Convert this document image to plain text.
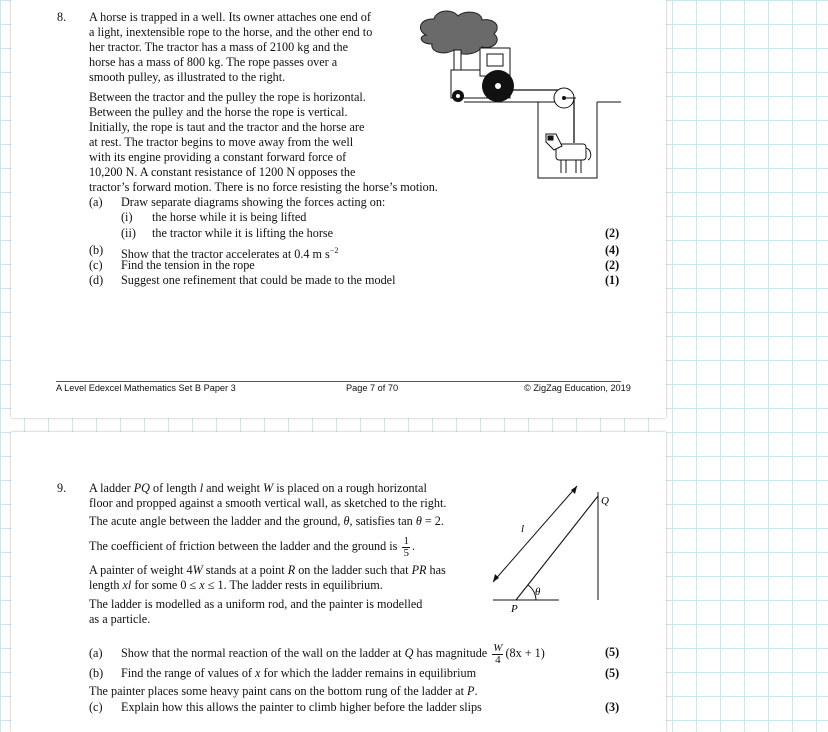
8. A horse is trapped in a well. Its owner attaches one end of
a light, inextensible rope to the horse, and the other end to
her tractor. The tractor has a mass of 2100 kg and the
horse has a mass of 800 kg. The rope passes over a
smooth pulley, as illustrated to the right.
Between the tractor and the pulley the rope is horizontal.
Between the pulley and the horse the rope is vertical.
Initially, the rope is taut and the tractor and the horse are
at rest. The tractor begins to move away from the well
with its engine providing a constant forward force of
10,200 N. A constant resistance of 1200 N opposes the
tractor’s forward motion. There is no force resisting the horse’s motion.
(a) Draw separate diagrams showing the forces acting on:
(i) the horse while it is being lifted
(ii) the tractor while it is lifting the horse	(2)
(b) Show that the tractor accelerates at 0.4 m $s^{-2}$	(4)
(c) Find the tension in the rope	(2)
(d) Suggest one refinement that could be made to the model	(1)
A Level Edexcel Mathematics Set B Paper 3	Page 7 of 70	© ZigZag Education, 2019
9. A ladder PQ of length l and weight W is placed on a rough horizontal
floor and propped against a smooth vertical wall, as sketched to the right.
The acute angle between the ladder and the ground, θ, satisfies tan θ = 2.
The coefficient of friction between the ladder and the ground is $\frac{1}{5}$ .
A painter of weight 4W stands at a point R on the ladder such that PR has
length xl for some 0 ≤ x ≤ 1. The ladder rests in equilibrium.
The ladder is modelled as a uniform rod, and the painter is modelled
as a particle.
θ
l
Q
P
(a) Show that the normal reaction of the wall on the ladder at Q has magnitude $\frac{W}{4} (8x + 1)$	(5)
(b) Find the range of values of x for which the ladder remains in equilibrium	(5)
The painter places some heavy paint cans on the bottom rung of the ladder at P.
(c) Explain how this allows the painter to climb higher before the ladder slips	(3)
